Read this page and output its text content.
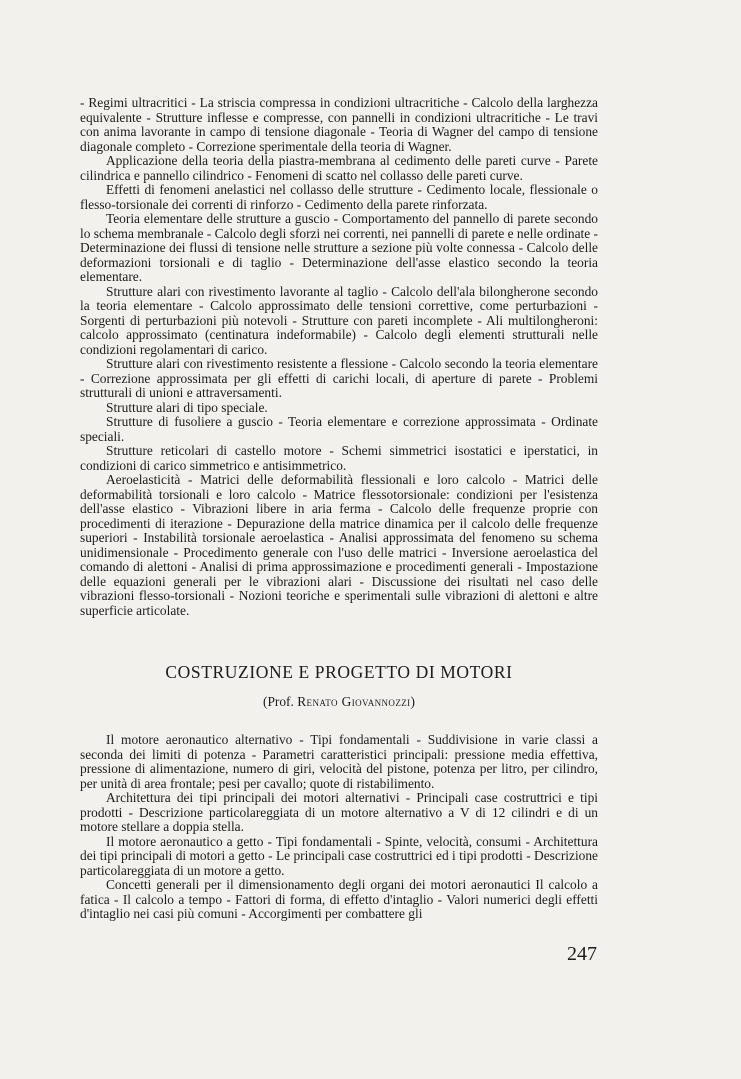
- Regimi ultracritici - La striscia compressa in condizioni ultracritiche - Calcolo della larghezza equivalente - Strutture inflesse e compresse, con pannelli in condizioni ultracritiche - Le travi con anima lavorante in campo di tensione diagonale - Teoria di Wagner del campo di tensione diagonale completo - Correzione sperimentale della teoria di Wagner.

Applicazione della teoria della piastra-membrana al cedimento delle pareti curve - Parete cilindrica e pannello cilindrico - Fenomeni di scatto nel collasso delle pareti curve.

Effetti di fenomeni anelastici nel collasso delle strutture - Cedimento locale, flessionale o flesso-torsionale dei correnti di rinforzo - Cedimento della parete rinforzata.

Teoria elementare delle strutture a guscio - Comportamento del pannello di parete secondo lo schema membranale - Calcolo degli sforzi nei correnti, nei pannelli di parete e nelle ordinate - Determinazione dei flussi di tensione nelle strutture a sezione più volte connessa - Calcolo delle deformazioni torsionali e di taglio - Determinazione dell'asse elastico secondo la teoria elementare.

Strutture alari con rivestimento lavorante al taglio - Calcolo dell'ala bilongherone secondo la teoria elementare - Calcolo approssimato delle tensioni correttive, come perturbazioni - Sorgenti di perturbazioni più notevoli - Strutture con pareti incomplete - Ali multilongheroni: calcolo approssimato (centinatura indeformabile) - Calcolo degli elementi strutturali nelle condizioni regolamentari di carico.

Strutture alari con rivestimento resistente a flessione - Calcolo secondo la teoria elementare - Correzione approssimata per gli effetti di carichi locali, di aperture di parete - Problemi strutturali di unioni e attraversamenti.

Strutture alari di tipo speciale.

Strutture di fusoliere a guscio - Teoria elementare e correzione approssimata - Ordinate speciali.

Strutture reticolari di castello motore - Schemi simmetrici isostatici e iperstatici, in condizioni di carico simmetrico e antisimmetrico.

Aeroelasticità - Matrici delle deformabilità flessionali e loro calcolo - Matrici delle deformabilità torsionali e loro calcolo - Matrice flessotorsionale: condizioni per l'esistenza dell'asse elastico - Vibrazioni libere in aria ferma - Calcolo delle frequenze proprie con procedimenti di iterazione - Depurazione della matrice dinamica per il calcolo delle frequenze superiori - Instabilità torsionale aeroelastica - Analisi approssimata del fenomeno su schema unidimensionale - Procedimento generale con l'uso delle matrici - Inversione aeroelastica del comando di alettoni - Analisi di prima approssimazione e procedimenti generali - Impostazione delle equazioni generali per le vibrazioni alari - Discussione dei risultati nel caso delle vibrazioni flesso-torsionali - Nozioni teoriche e sperimentali sulle vibrazioni di alettoni e altre superficie articolate.

COSTRUZIONE E PROGETTO DI MOTORI

(Prof. Renato Giovannozzi)

Il motore aeronautico alternativo - Tipi fondamentali - Suddivisione in varie classi a seconda dei limiti di potenza - Parametri caratteristici principali: pressione media effettiva, pressione di alimentazione, numero di giri, velocità del pistone, potenza per litro, per cilindro, per unità di area frontale; pesi per cavallo; quote di ristabilimento.

Architettura dei tipi principali dei motori alternativi - Principali case costruttrici e tipi prodotti - Descrizione particolareggiata di un motore alternativo a V di 12 cilindri e di un motore stellare a doppia stella.

Il motore aeronautico a getto - Tipi fondamentali - Spinte, velocità, consumi - Architettura dei tipi principali di motori a getto - Le principali case costruttrici ed i tipi prodotti - Descrizione particolareggiata di un motore a getto.

Concetti generali per il dimensionamento degli organi dei motori aeronautici Il calcolo a fatica - Il calcolo a tempo - Fattori di forma, di effetto d'intaglio - Valori numerici degli effetti d'intaglio nei casi più comuni - Accorgimenti per combattere gli

247
